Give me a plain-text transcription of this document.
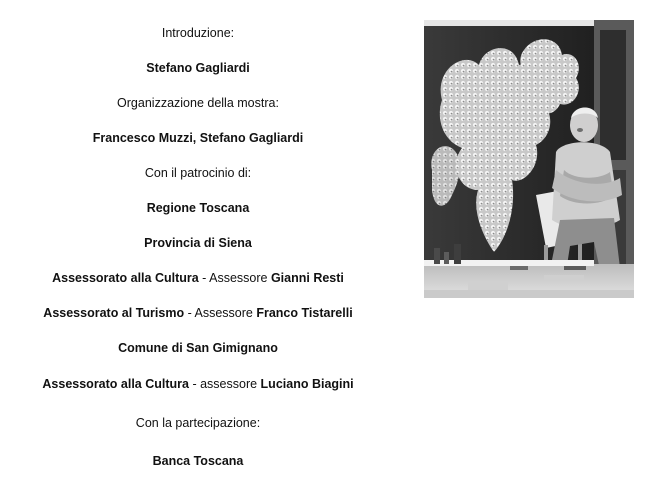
Introduzione:
Stefano Gagliardi
Organizzazione della mostra:
Francesco Muzzi, Stefano Gagliardi
Con il patrocinio di:
Regione Toscana
Provincia di Siena
Assessorato alla Cultura - Assessore Gianni Resti
Assessorato al Turismo - Assessore Franco Tistarelli
Comune di San Gimignano
Assessorato alla Cultura - assessore Luciano Biagini
Con la partecipazione:
Banca Toscana
